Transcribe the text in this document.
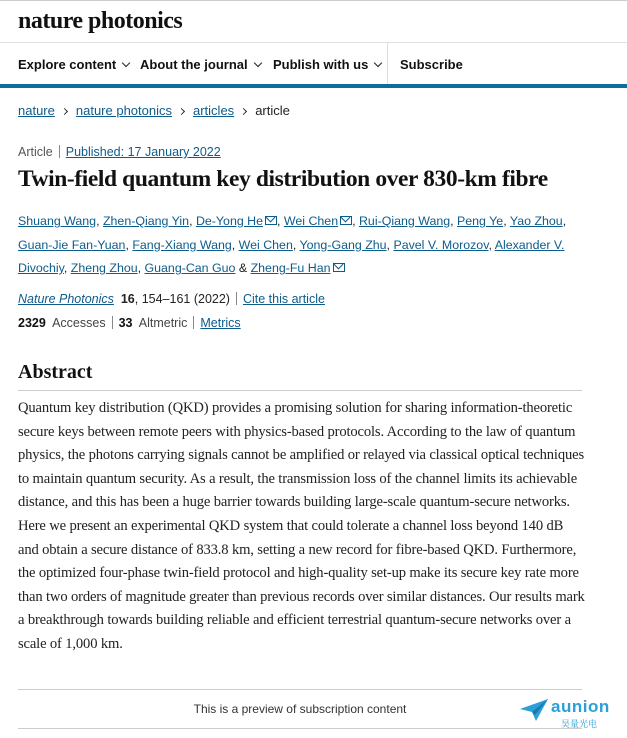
nature photonics
Explore content	About the journal	Publish with us	Subscribe
nature nature photonics articles article
Article Published: 17 January 2022
Twin-field quantum key distribution over 830-km fibre
Shuang Wang, Zhen-Qiang Yin, De-Yong He , Wei Chen , Rui-Qiang Wang, Peng Ye, Yao Zhou, Guan-Jie Fan-Yuan, Fang-Xiang Wang, Wei Chen, Yong-Gang Zhu, Pavel V. Morozov, Alexander V. Divochiy, Zheng Zhou, Guang-Can Guo & Zheng-Fu Han
Nature Photonics 16, 154–161 (2022) Cite this article
2329 Accesses 33 Altmetric Metrics
Abstract

Quantum key distribution (QKD) provides a promising solution for sharing information-theoretic secure keys between remote peers with physics-based protocols. According to the law of quantum physics, the photons carrying signals cannot be amplified or relayed via classical optical techniques to maintain quantum security. As a result, the transmission loss of the channel limits its achievable distance, and this has been a huge barrier towards building large-scale quantum-secure networks. Here we present an experimental QKD system that could tolerate a channel loss beyond 140 dB and obtain a secure distance of 833.8 km, setting a new record for fibre-based QKD. Furthermore, the optimized four-phase twin-field protocol and high-quality set-up make its secure key rate more than two orders of magnitude greater than previous records over similar distances. Our results mark a breakthrough towards building reliable and efficient terrestrial quantum-secure networks over a scale of 1,000 km.

This is a preview of subscription content	aunion
昊量光电
